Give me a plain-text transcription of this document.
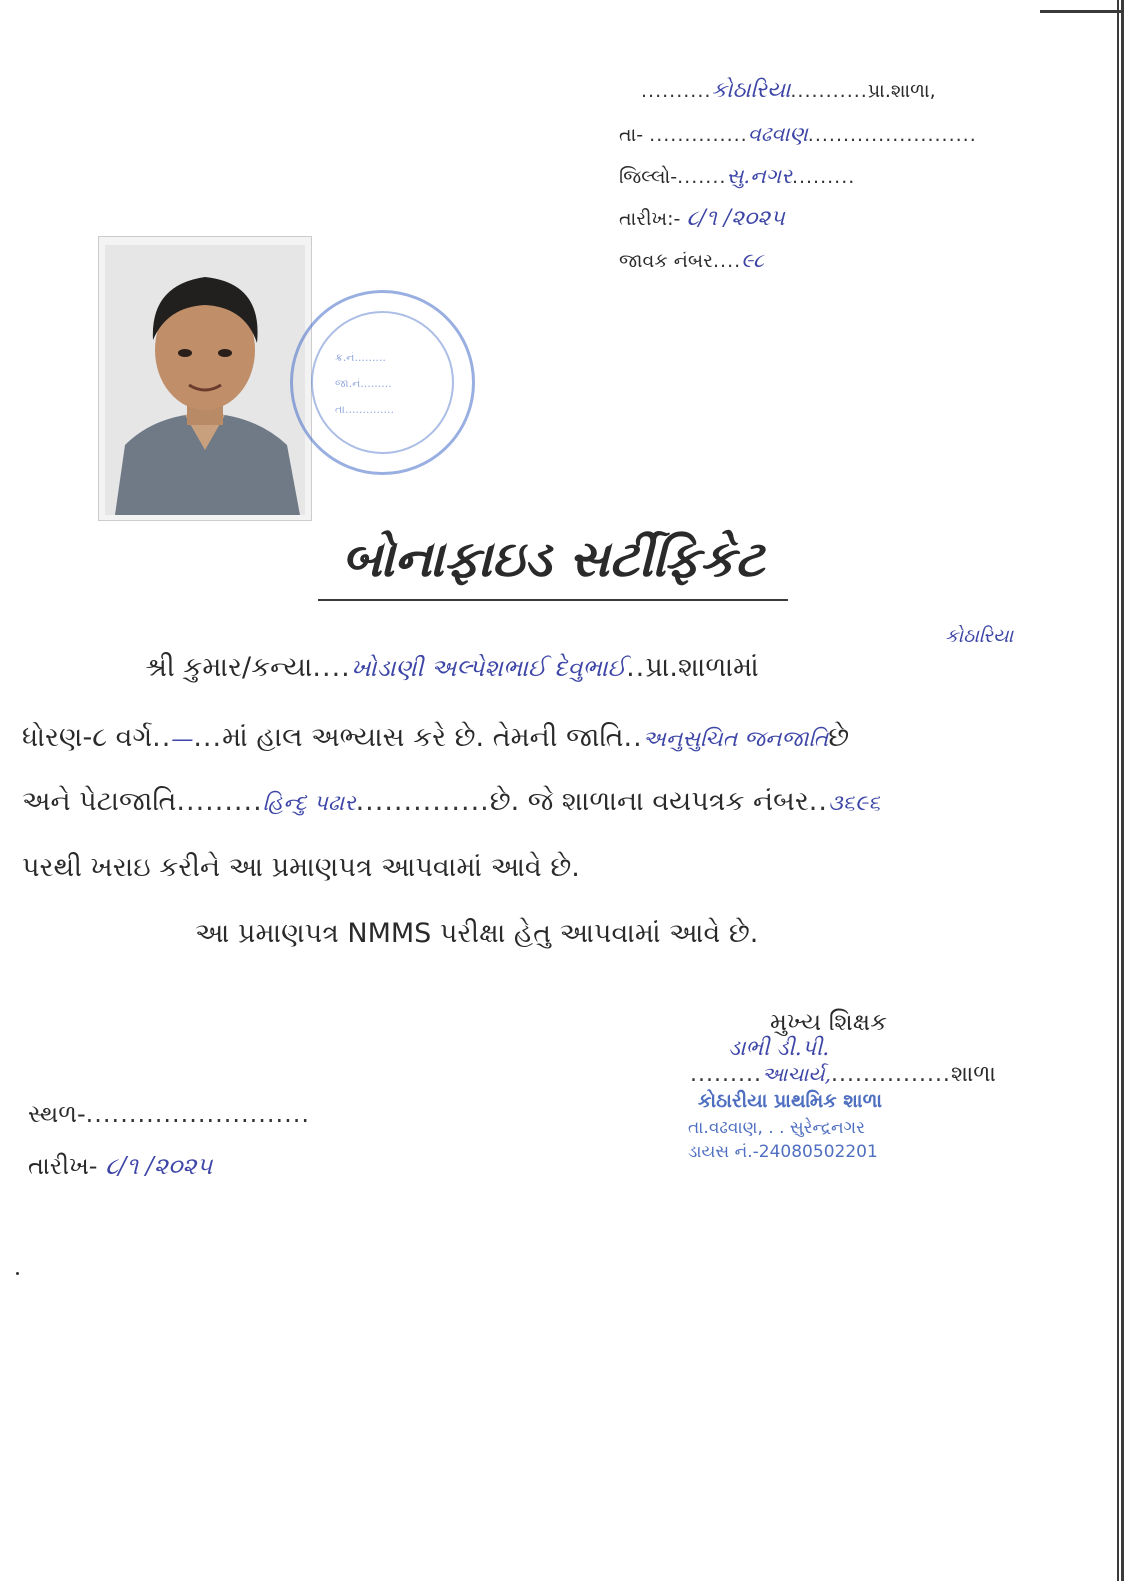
..........કોઠારિયા...........પ્રા.શાળા,
તા- ..............વઢવાણ........................
જિલ્લો-.......સુ.નગર.........
તારીખ:- ૮/૧ /૨૦૨૫
જાવક નંબર....૯૮
ક્ર.નં.........
જા.નં.........
તા..............
બોનાફાઇડ સર્ટીફિકેટ
કોઠારિયા
શ્રી કુમાર/કન્યા....ખોડાણી અલ્પેશભાઈ દેવુભાઈ..પ્રા.શાળામાં
ધોરણ-૮ વર્ગ..—...માં હાલ અભ્યાસ કરે છે. તેમની જાતિ..અનુસુચિત જનજાતિછે
અને પેટાજાતિ.........હિન્દુ પઢાર..............છે. જે શાળાના વયપત્રક નંબર..૩૬૯૬
પરથી ખરાઇ કરીને આ પ્રમાણપત્ર આપવામાં આવે છે.
આ પ્રમાણપત્ર NMMS પરીક્ષા હેતુ આપવામાં આવે છે.
મુખ્ય શિક્ષક
ડાભી ડી.પી.
.........આચાર્ય,...............શાળા
કોઠારીયા પ્રાથમિક શાળા
તા.વઢવાણ, . . સુરેન્દ્રનગર
ડાયસ નં.-24080502201
સ્થળ-..........................
તારીખ- ૮/૧ /૨૦૨૫
